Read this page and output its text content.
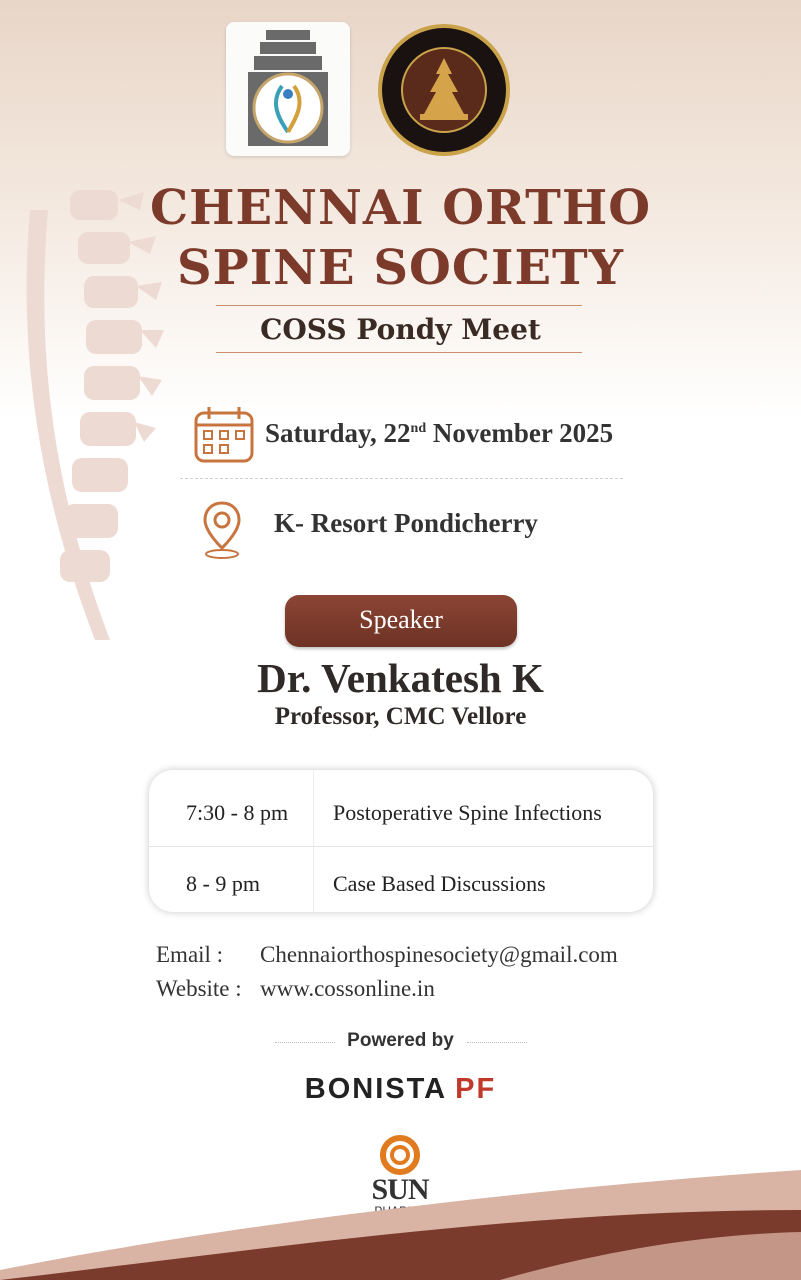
CHENNAI ORTHO
SPINE SOCIETY
COSS Pondy Meet
Saturday, 22nd November 2025
K- Resort Pondicherry
Speaker
Dr. Venkatesh K
Professor, CMC Vellore
7:30 - 8 pm Postoperative Spine Infections
8 - 9 pm	Case Based Discussions
Email : Chennaiorthospinesociety@gmail.com
Website : www.cossonline.in
Powered by
BONISTA PF
SUN
